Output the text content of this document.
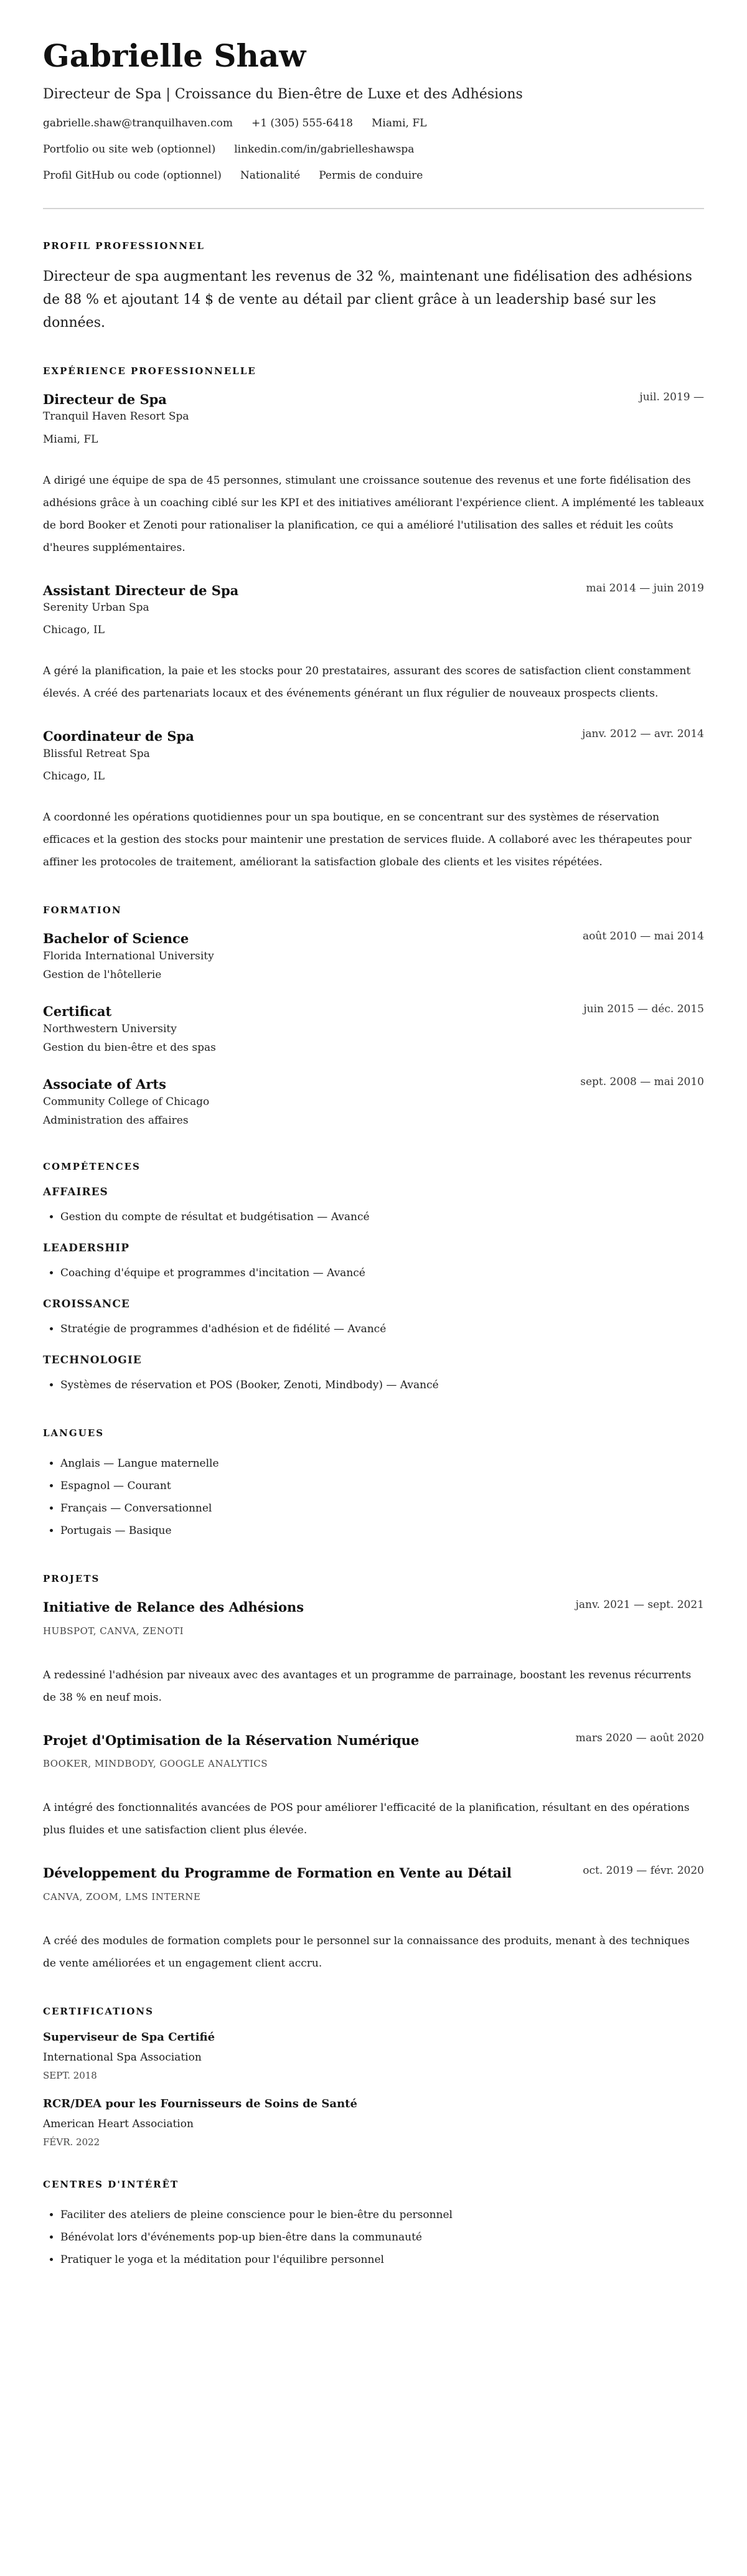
Gabrielle Shaw
Directeur de Spa | Croissance du Bien-être de Luxe et des Adhésions
gabrielle.shaw@tranquilhaven.com +1 (305) 555-6418 Miami, FL
Portfolio ou site web (optionnel) linkedin.com/in/gabrielleshawspa
Profil GitHub ou code (optionnel) Nationalité Permis de conduire
PROFIL PROFESSIONNEL
Directeur de spa augmentant les revenus de 32 %, maintenant une fidélisation des adhésions de 88 % et ajoutant 14 $ de vente au détail par client grâce à un leadership basé sur les données.
EXPÉRIENCE PROFESSIONNELLE
Directeur de Spa	juil. 2019 —
Tranquil Haven Resort Spa
Miami, FL
A dirigé une équipe de spa de 45 personnes, stimulant une croissance soutenue des revenus et une forte fidélisation des adhésions grâce à un coaching ciblé sur les KPI et des initiatives améliorant l'expérience client. A implémenté les tableaux de bord Booker et Zenoti pour rationaliser la planification, ce qui a amélioré l'utilisation des salles et réduit les coûts d'heures supplémentaires.
Assistant Directeur de Spa	mai 2014 — juin 2019
Serenity Urban Spa
Chicago, IL
A géré la planification, la paie et les stocks pour 20 prestataires, assurant des scores de satisfaction client constamment élevés. A créé des partenariats locaux et des événements générant un flux régulier de nouveaux prospects clients.
Coordinateur de Spa	janv. 2012 — avr. 2014
Blissful Retreat Spa
Chicago, IL
A coordonné les opérations quotidiennes pour un spa boutique, en se concentrant sur des systèmes de réservation efficaces et la gestion des stocks pour maintenir une prestation de services fluide. A collaboré avec les thérapeutes pour affiner les protocoles de traitement, améliorant la satisfaction globale des clients et les visites répétées.
FORMATION
Bachelor of Science	août 2010 — mai 2014
Florida International University
Gestion de l'hôtellerie
Certificat	juin 2015 — déc. 2015
Northwestern University
Gestion du bien-être et des spas
Associate of Arts	sept. 2008 — mai 2010
Community College of Chicago
Administration des affaires
COMPÉTENCES
AFFAIRES
• Gestion du compte de résultat et budgétisation — Avancé
LEADERSHIP
• Coaching d'équipe et programmes d'incitation — Avancé
CROISSANCE
• Stratégie de programmes d'adhésion et de fidélité — Avancé
TECHNOLOGIE
• Systèmes de réservation et POS (Booker, Zenoti, Mindbody) — Avancé
LANGUES
• Anglais — Langue maternelle
• Espagnol — Courant
• Français — Conversationnel
• Portugais — Basique
PROJETS
Initiative de Relance des Adhésions	janv. 2021 — sept. 2021
HUBSPOT, CANVA, ZENOTI
A redessiné l'adhésion par niveaux avec des avantages et un programme de parrainage, boostant les revenus récurrents de 38 % en neuf mois.
Projet d'Optimisation de la Réservation Numérique	mars 2020 — août 2020
BOOKER, MINDBODY, GOOGLE ANALYTICS
A intégré des fonctionnalités avancées de POS pour améliorer l'efficacité de la planification, résultant en des opérations plus fluides et une satisfaction client plus élevée.
Développement du Programme de Formation en Vente au Détail	oct. 2019 — févr. 2020
CANVA, ZOOM, LMS INTERNE
A créé des modules de formation complets pour le personnel sur la connaissance des produits, menant à des techniques de vente améliorées et un engagement client accru.
CERTIFICATIONS
Superviseur de Spa Certifié
International Spa Association
SEPT. 2018
RCR/DEA pour les Fournisseurs de Soins de Santé
American Heart Association
FÉVR. 2022
CENTRES D'INTÉRÊT
• Faciliter des ateliers de pleine conscience pour le bien-être du personnel
• Bénévolat lors d'événements pop-up bien-être dans la communauté
• Pratiquer le yoga et la méditation pour l'équilibre personnel
